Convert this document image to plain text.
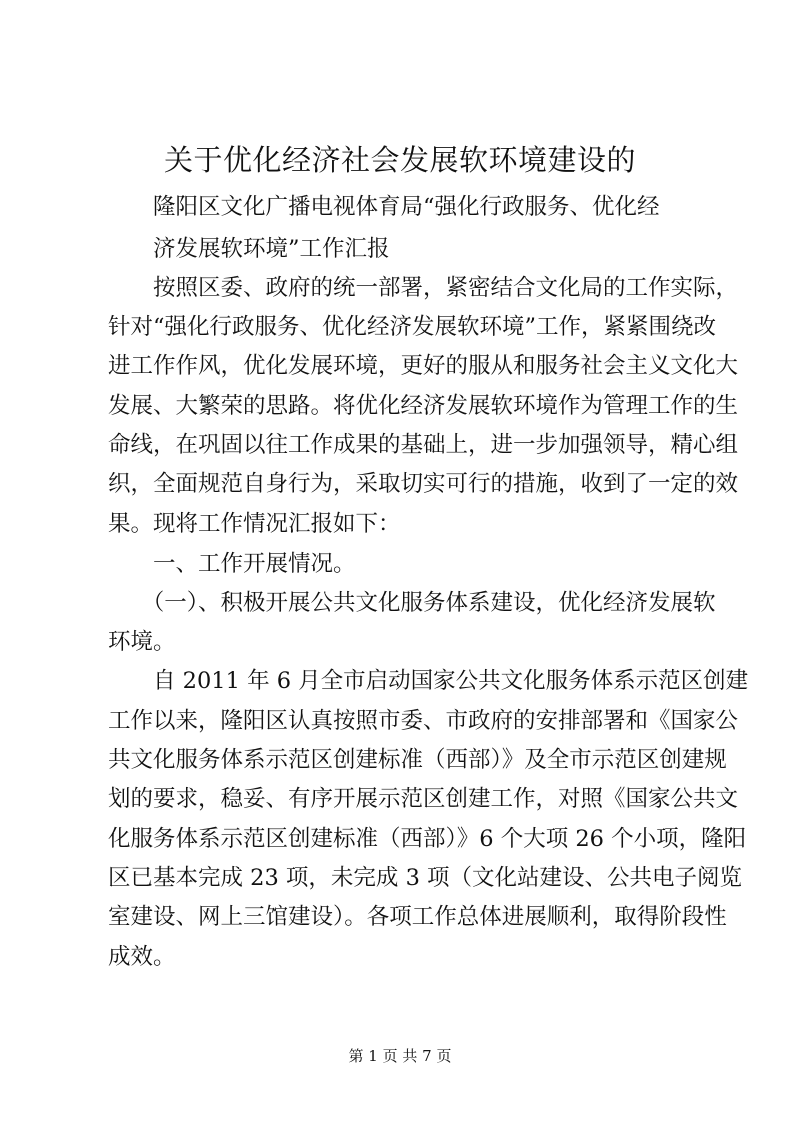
关于优化经济社会发展软环境建设的
　　隆阳区文化广播电视体育局“强化行政服务、优化经
　　济发展软环境”工作汇报
　　按照区委、政府的统一部署，紧密结合文化局的工作实际，
针对“强化行政服务、优化经济发展软环境”工作，紧紧围绕改
进工作作风，优化发展环境，更好的服从和服务社会主义文化大
发展、大繁荣的思路。将优化经济发展软环境作为管理工作的生
命线，在巩固以往工作成果的基础上，进一步加强领导，精心组
织，全面规范自身行为，采取切实可行的措施，收到了一定的效
果。现将工作情况汇报如下：
　　一、工作开展情况。
　　（一）、积极开展公共文化服务体系建设，优化经济发展软
环境。
　　自 2011 年 6 月全市启动国家公共文化服务体系示范区创建
工作以来，隆阳区认真按照市委、市政府的安排部署和《国家公
共文化服务体系示范区创建标准（西部）》及全市示范区创建规
划的要求，稳妥、有序开展示范区创建工作，对照《国家公共文
化服务体系示范区创建标准（西部）》6 个大项 26 个小项，隆阳
区已基本完成 23 项，未完成 3 项（文化站建设、公共电子阅览
室建设、网上三馆建设）。各项工作总体进展顺利，取得阶段性
成效。
第 1 页 共 7 页
